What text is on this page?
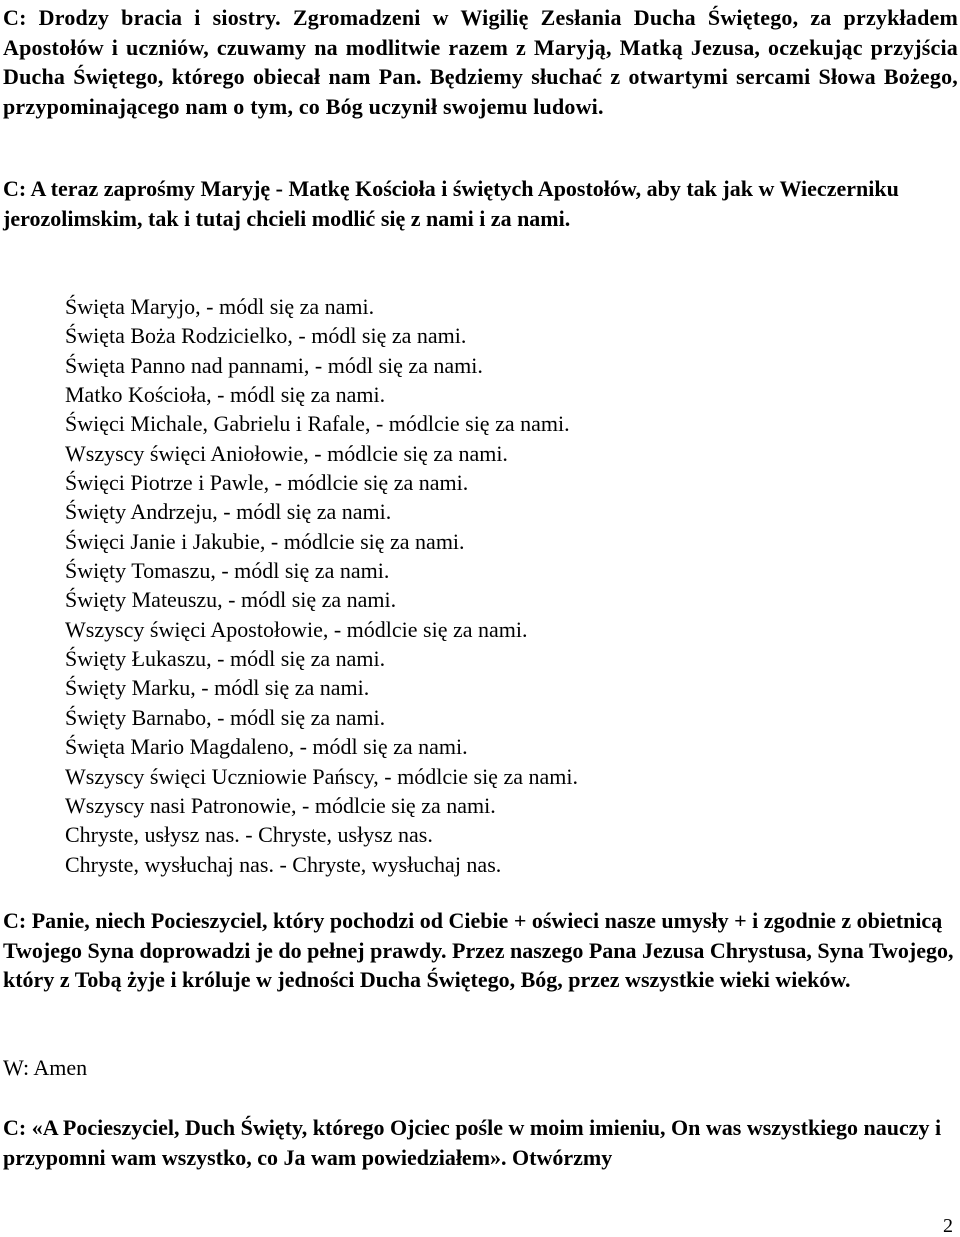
C: Drodzy bracia i siostry. Zgromadzeni w Wigilię Zesłania Ducha Świętego, za przykładem Apostołów i uczniów, czuwamy na modlitwie razem z Maryją, Matką Jezusa, oczekując przyjścia Ducha Świętego, którego obiecał nam Pan. Będziemy słuchać z otwartymi sercami Słowa Bożego, przypominającego nam o tym, co Bóg uczynił swojemu ludowi.

C: A teraz zaprośmy Maryję - Matkę Kościoła i świętych Apostołów, aby tak jak w Wieczerniku jerozolimskim, tak i tutaj chcieli modlić się z nami i za nami.

Święta Maryjo, - módl się za nami.
Święta Boża Rodzicielko, - módl się za nami.
Święta Panno nad pannami, - módl się za nami.
Matko Kościoła, - módl się za nami.
Święci Michale, Gabrielu i Rafale, - módlcie się za nami.
Wszyscy święci Aniołowie, - módlcie się za nami.
Święci Piotrze i Pawle, - módlcie się za nami.
Święty Andrzeju, - módl się za nami.
Święci Janie i Jakubie, - módlcie się za nami.
Święty Tomaszu, - módl się za nami.
Święty Mateuszu, - módl się za nami.
Wszyscy święci Apostołowie, - módlcie się za nami.
Święty Łukaszu, - módl się za nami.
Święty Marku, - módl się za nami.
Święty Barnabo, - módl się za nami.
Święta Mario Magdaleno, - módl się za nami.
Wszyscy święci Uczniowie Pańscy, - módlcie się za nami.
Wszyscy nasi Patronowie, - módlcie się za nami.
Chryste, usłysz nas. - Chryste, usłysz nas.
Chryste, wysłuchaj nas. - Chryste, wysłuchaj nas.

C: Panie, niech Pocieszyciel, który pochodzi od Ciebie + oświeci nasze umysły + i zgodnie z obietnicą Twojego Syna doprowadzi je do pełnej prawdy. Przez naszego Pana Jezusa Chrystusa, Syna Twojego, który z Tobą żyje i króluje w jedności Ducha Świętego, Bóg, przez wszystkie wieki wieków.

W: Amen

C: «A Pocieszyciel, Duch Święty, którego Ojciec pośle w moim imieniu, On was wszystkiego nauczy i przypomni wam wszystko, co Ja wam powiedziałem». Otwórzmy

2
